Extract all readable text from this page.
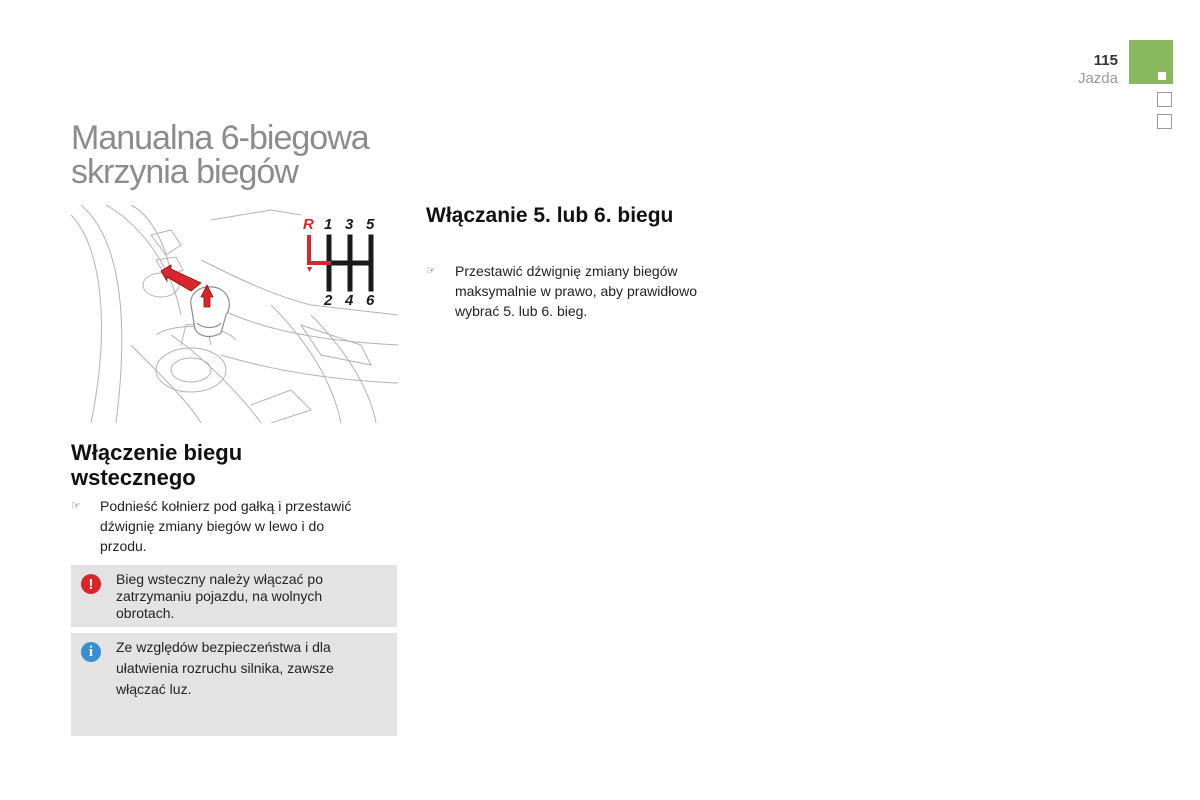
115
Jazda
Manualna 6-biegowa
skrzynia biegów
R 1 3 5
2 4 6
Włączenie biegu
wstecznego
☞ Podnieść kołnierz pod gałką i przestawić
dźwignię zmiany biegów w lewo i do
przodu.
!	Bieg wsteczny należy włączać po
zatrzymaniu pojazdu, na wolnych
obrotach.
i	Ze względów bezpieczeństwa i dla
ułatwienia rozruchu silnika, zawsze
włączać luz.
Włączanie 5. lub 6. biegu
☞ Przestawić dźwignię zmiany biegów
maksymalnie w prawo, aby prawidłowo
wybrać 5. lub 6. bieg.
